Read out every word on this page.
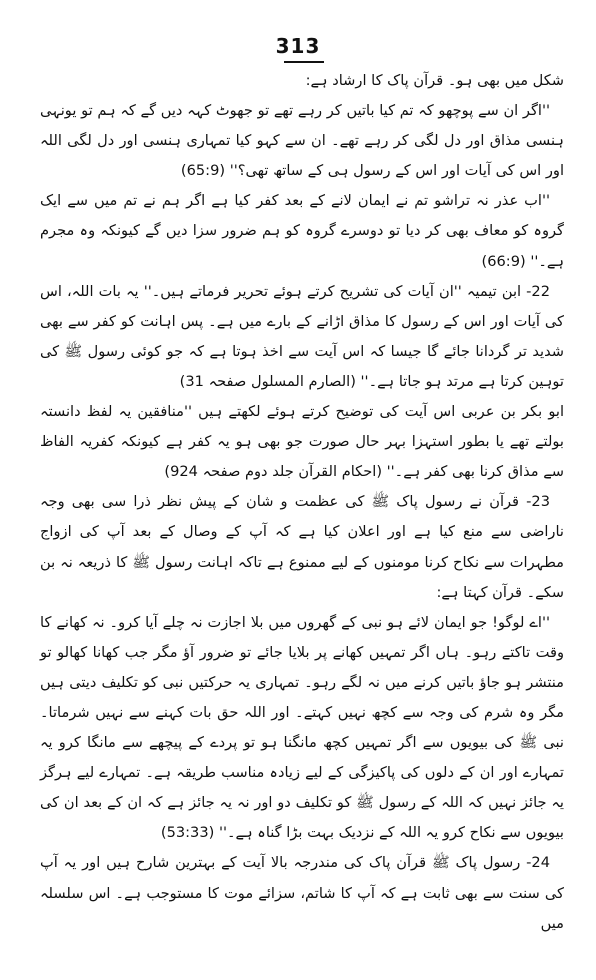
313

شکل میں بھی ہو۔ قرآن پاک کا ارشاد ہے:

''اگر ان سے پوچھو کہ تم کیا باتیں کر رہے تھے تو جھوٹ کہہ دیں گے کہ ہم تو یونہی ہنسی مذاق اور دل لگی کر رہے تھے۔ ان سے کہو کیا تمہاری ہنسی اور دل لگی اللہ اور اس کی آیات اور اس کے رسول ہی کے ساتھ تھی؟'' (65:9)

''اب عذر نہ تراشو تم نے ایمان لانے کے بعد کفر کیا ہے اگر ہم نے تم میں سے ایک گروہ کو معاف بھی کر دیا تو دوسرے گروہ کو ہم ضرور سزا دیں گے کیونکہ وہ مجرم ہے۔'' (66:9)

22- ابن تیمیہ ''ان آیات کی تشریح کرتے ہوئے تحریر فرماتے ہیں۔'' یہ بات اللہ، اس کی آیات اور اس کے رسول کا مذاق اڑانے کے بارے میں ہے۔ پس اہانت کو کفر سے بھی شدید تر گردانا جائے گا جیسا کہ اس آیت سے اخذ ہوتا ہے کہ جو کوئی رسول ﷺ کی توہین کرتا ہے مرتد ہو جاتا ہے۔'' (الصارم المسلول صفحہ 31)

ابو بکر بن عربی اس آیت کی توضیح کرتے ہوئے لکھتے ہیں ''منافقین یہ لفظ دانستہ بولتے تھے یا بطور استہزا بہر حال صورت جو بھی ہو یہ کفر ہے کیونکہ کفریہ الفاظ سے مذاق کرنا بھی کفر ہے۔'' (احکام القرآن جلد دوم صفحہ 924)

23- قرآن نے رسول پاک ﷺ کی عظمت و شان کے پیش نظر ذرا سی بھی وجہ ناراضی سے منع کیا ہے اور اعلان کیا ہے کہ آپ کے وصال کے بعد آپ کی ازواج مطہرات سے نکاح کرنا مومنوں کے لیے ممنوع ہے تاکہ اہانت رسول ﷺ کا ذریعہ نہ بن سکے۔ قرآن کہتا ہے:

''اے لوگو! جو ایمان لائے ہو نبی کے گھروں میں بلا اجازت نہ چلے آیا کرو۔ نہ کھانے کا وقت تاکتے رہو۔ ہاں اگر تمہیں کھانے پر بلایا جائے تو ضرور آؤ مگر جب کھانا کھالو تو منتشر ہو جاؤ باتیں کرنے میں نہ لگے رہو۔ تمہاری یہ حرکتیں نبی کو تکلیف دیتی ہیں مگر وہ شرم کی وجہ سے کچھ نہیں کہتے۔ اور اللہ حق بات کہنے سے نہیں شرماتا۔ نبی ﷺ کی بیویوں سے اگر تمہیں کچھ مانگنا ہو تو پردے کے پیچھے سے مانگا کرو یہ تمہارے اور ان کے دلوں کی پاکیزگی کے لیے زیادہ مناسب طریقہ ہے۔ تمہارے لیے ہرگز یہ جائز نہیں کہ اللہ کے رسول ﷺ کو تکلیف دو اور نہ یہ جائز ہے کہ ان کے بعد ان کی بیویوں سے نکاح کرو یہ اللہ کے نزدیک بہت بڑا گناہ ہے۔'' (53:33)

24- رسول پاک ﷺ قرآن پاک کی مندرجہ بالا آیت کے بہترین شارح ہیں اور یہ آپ کی سنت سے بھی ثابت ہے کہ آپ کا شاتم، سزائے موت کا مستوجب ہے۔ اس سلسلہ میں
